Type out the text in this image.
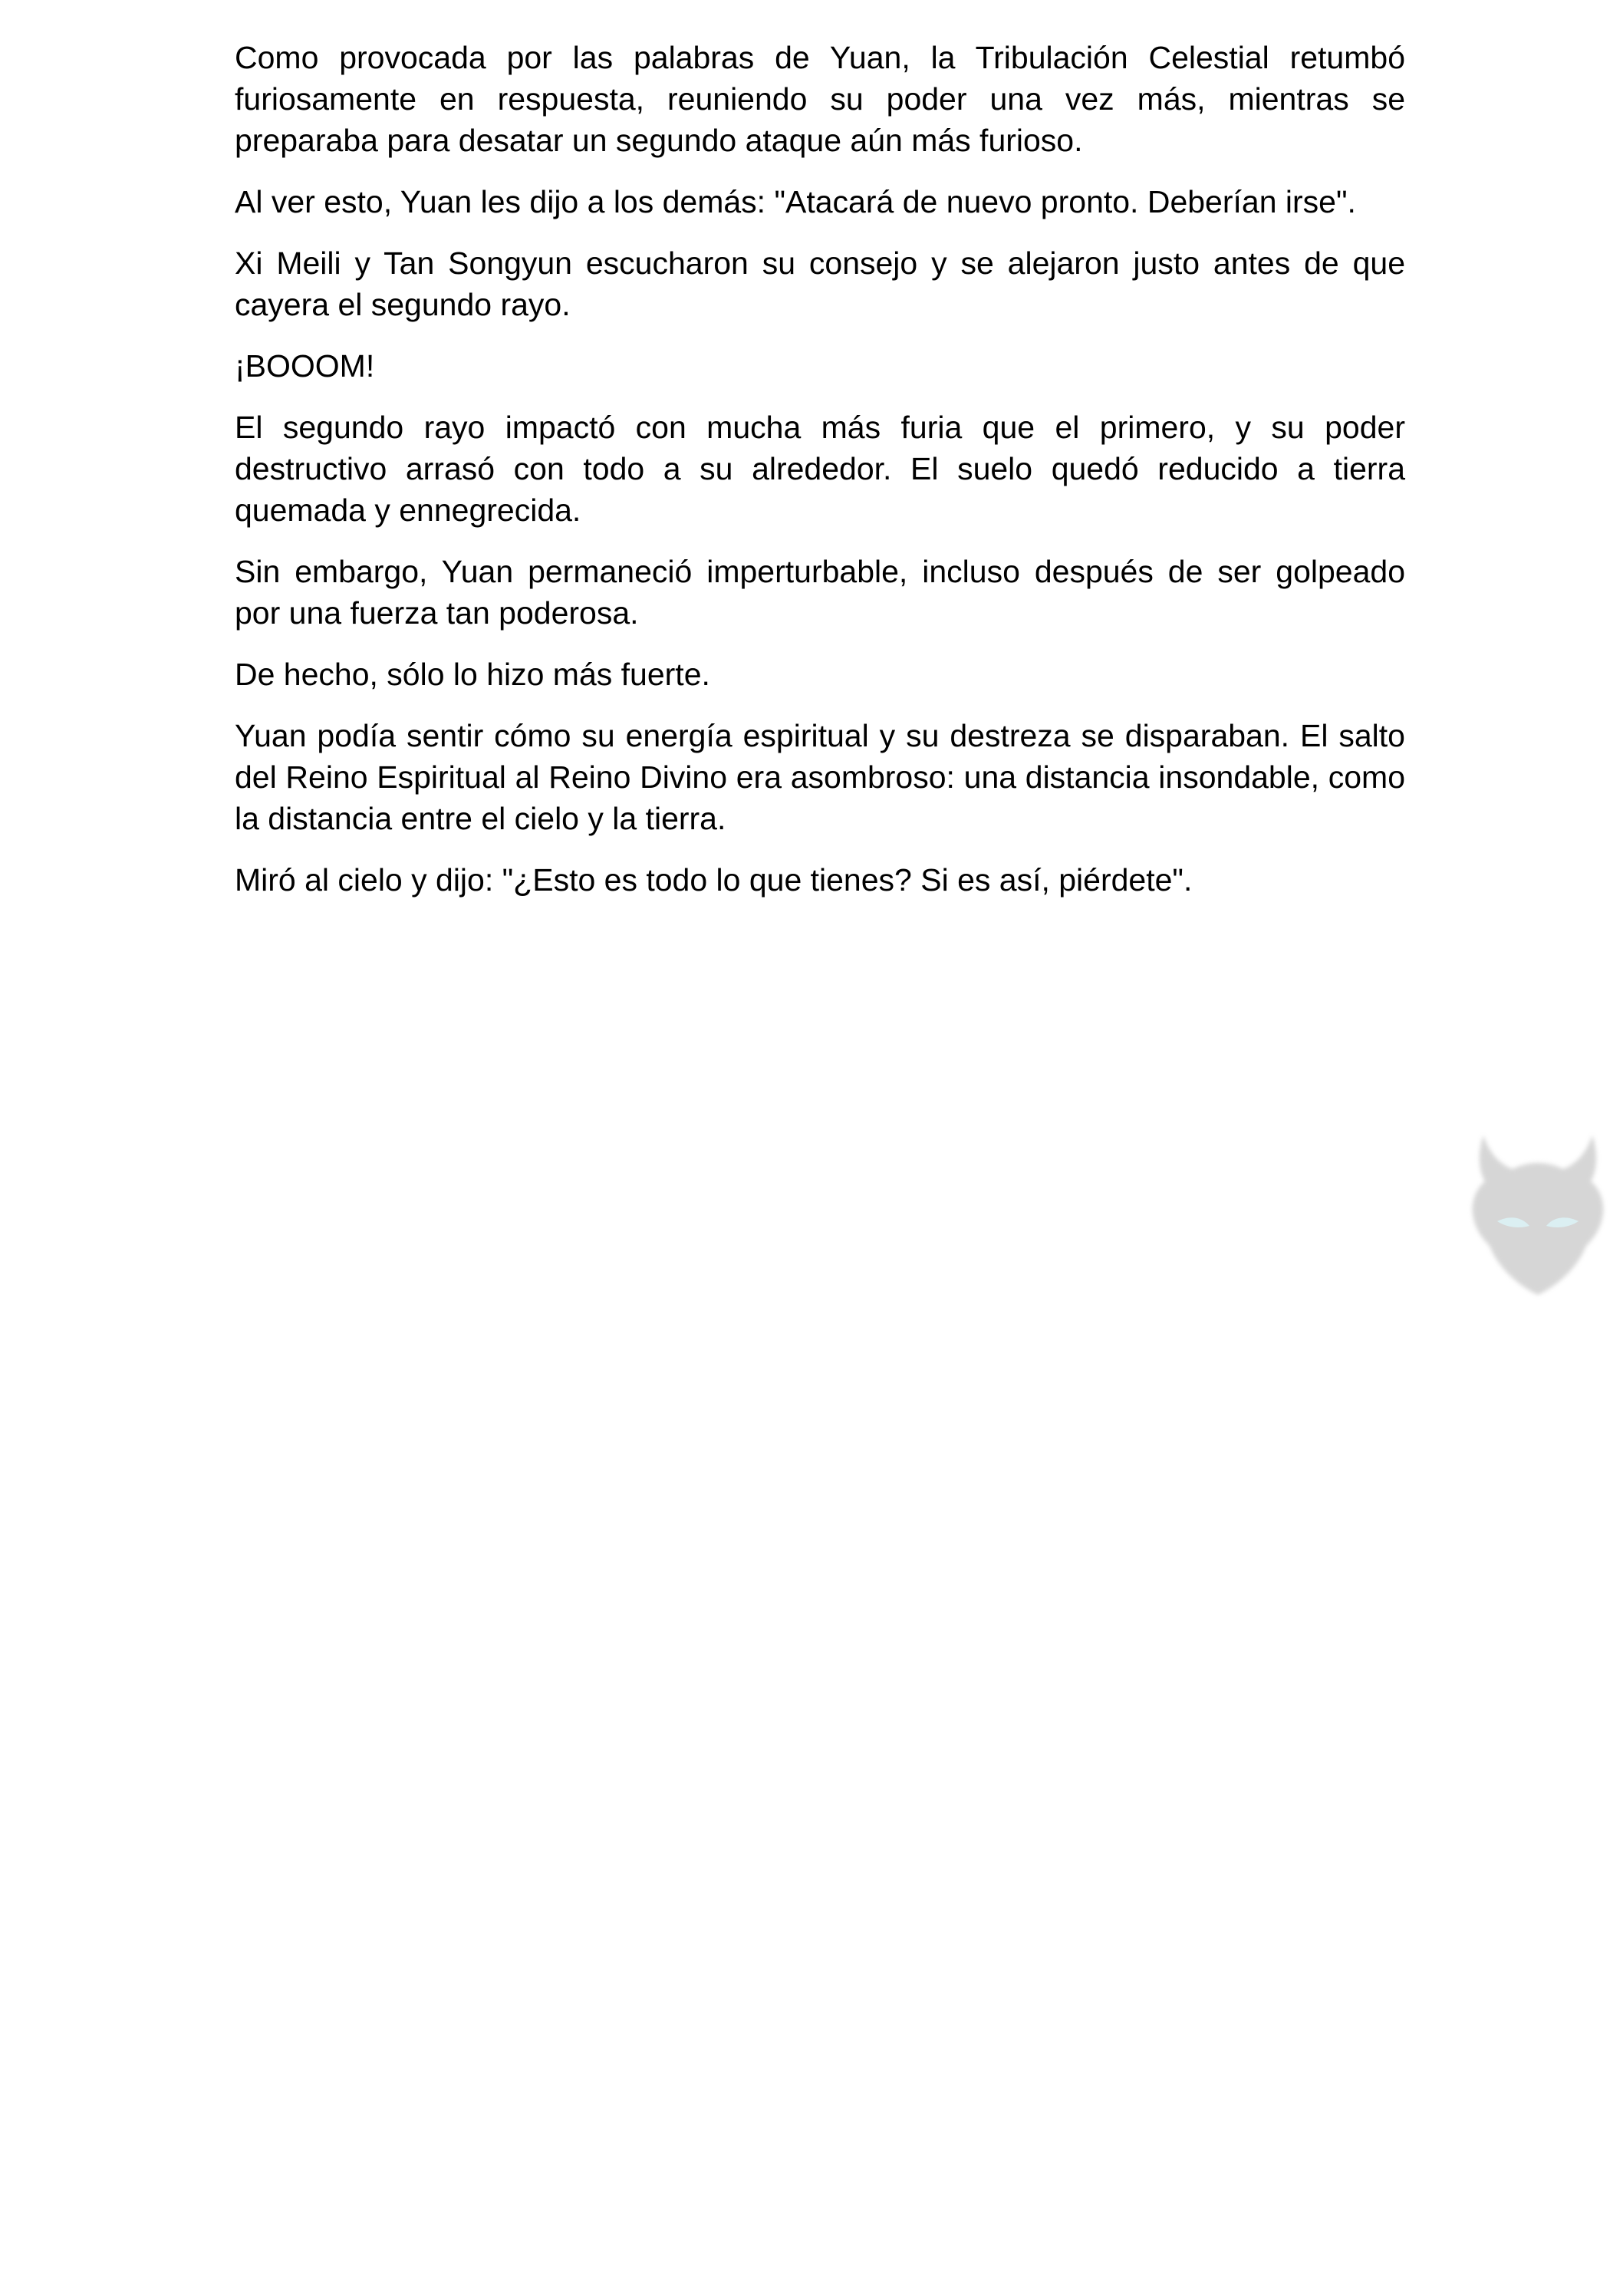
Como provocada por las palabras de Yuan, la Tribulación Celestial retumbó furiosamente en respuesta, reuniendo su poder una vez más, mientras se preparaba para desatar un segundo ataque aún más furioso.

Al ver esto, Yuan les dijo a los demás: "Atacará de nuevo pronto. Deberían irse".

Xi Meili y Tan Songyun escucharon su consejo y se alejaron justo antes de que cayera el segundo rayo.

¡BOOOM!

El segundo rayo impactó con mucha más furia que el primero, y su poder destructivo arrasó con todo a su alrededor. El suelo quedó reducido a tierra quemada y ennegrecida.

Sin embargo, Yuan permaneció imperturbable, incluso después de ser golpeado por una fuerza tan poderosa.

De hecho, sólo lo hizo más fuerte.

Yuan podía sentir cómo su energía espiritual y su destreza se disparaban. El salto del Reino Espiritual al Reino Divino era asombroso: una distancia insondable, como la distancia entre el cielo y la tierra.

Miró al cielo y dijo: "¿Esto es todo lo que tienes? Si es así, piérdete".
